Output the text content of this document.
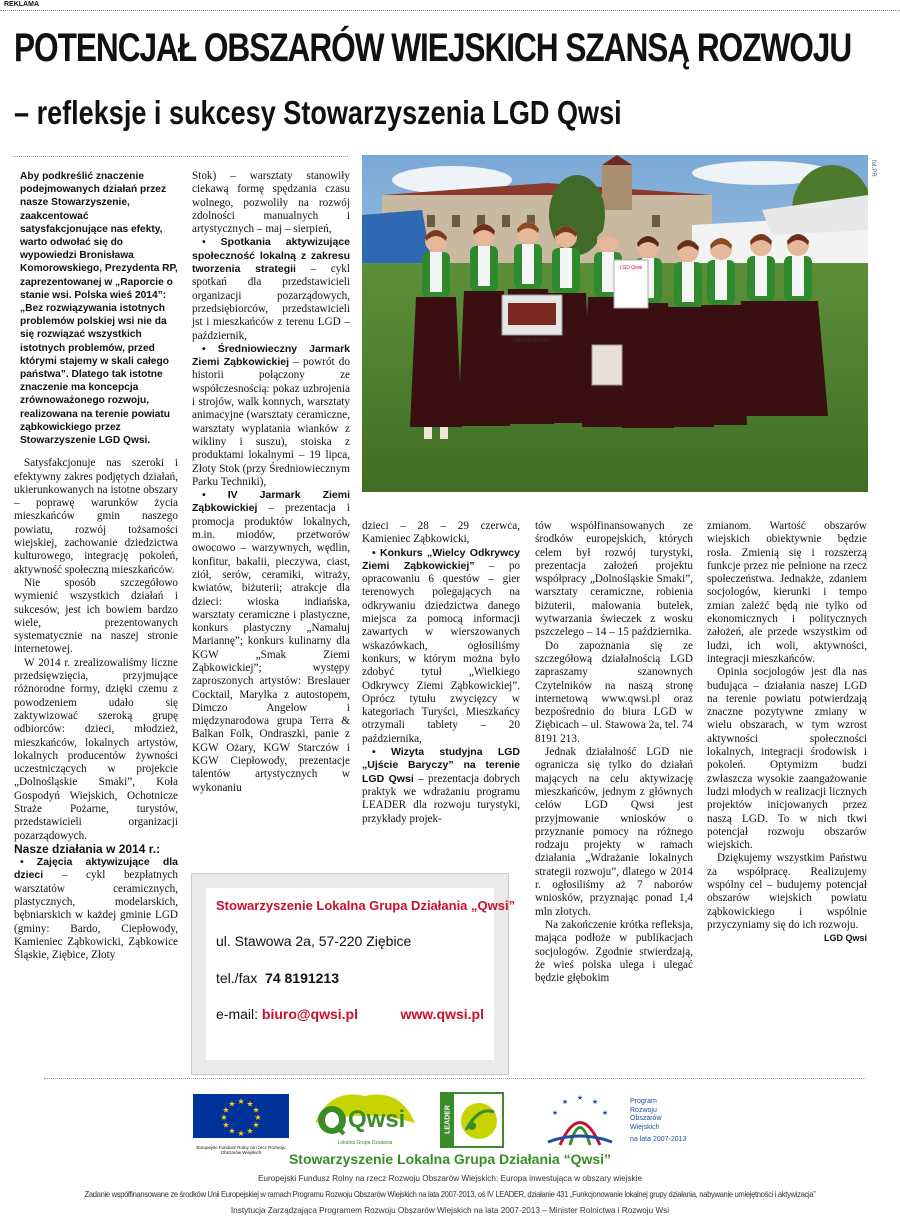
REKLAMA
POTENCJAŁ OBSZARÓW WIEJSKICH SZANSĄ ROZWOJU
– refleksje i sukcesy Stowarzyszenia LGD Qwsi

Aby podkreślić znaczenie podejmowanych działań przez nasze Stowarzyszenie, zaakcentować satysfakcjonujące nas efekty, warto odwołać się do wypowiedzi Bronisława Komorowskiego, Prezydenta RP, zaprezentowanej w „Raporcie o stanie wsi. Polska wieś 2014”: „Bez rozwiązywania istotnych problemów polskiej wsi nie da się rozwiązać wszystkich istotnych problemów, przed którymi stajemy w skali całego państwa”. Dlatego tak istotne znaczenie ma koncepcja zrównoważonego rozwoju, realizowana na terenie powiatu ząbkowickiego przez Stowarzyszenie LGD Qwsi.

Satysfakcjonuje nas szeroki i efektywny zakres podjętych działań, ukierunkowanych na istotne obszary – poprawę warunków życia mieszkańców gmin naszego powiatu, rozwój tożsamości wiejskiej, zachowanie dziedzictwa kulturowego, integrację pokoleń, aktywność społeczną mieszkańców.

Nie sposób szczegółowo wymienić wszystkich działań i sukcesów, jest ich bowiem bardzo wiele, prezentowanych systematycznie na naszej stronie internetowej.

W 2014 r. zrealizowaliśmy liczne przedsięwzięcia, przyjmujące różnorodne formy, dzięki czemu z powodzeniem udało się zaktywizować szeroką grupę odbiorców: dzieci, młodzież, mieszkańców, lokalnych artystów, lokalnych producentów żywności uczestniczących w projekcie „Dolnośląskie Smaki”, Koła Gospodyń Wiejskich, Ochotnicze Straże Pożarne, turystów, przedstawicieli organizacji pozarządowych.

Nasze działania w 2014 r.:

• Zajęcia aktywizujące dla dzieci – cykl bezpłatnych warsztatów ceramicznych, plastycznych, modelarskich, bębniarskich w każdej gminie LGD (gminy: Bardo, Ciepłowody, Kamieniec Ząbkowicki, Ząbkowice Śląskie, Ziębice, Złoty

Stok) – warsztaty stanowiły ciekawą formę spędzania czasu wolnego, pozwoliły na rozwój zdolności manualnych i artystycznych – maj – sierpień,

• Spotkania aktywizujące społeczność lokalną z zakresu tworzenia strategii – cykl spotkań dla przedstawicieli organizacji pozarządowych, przedsiębiorców, przedstawicieli jst i mieszkańców z terenu LGD – październik,

• Średniowieczny Jarmark Ziemi Ząbkowickiej – powrót do historii połączony ze współczesnością: pokaz uzbrojenia i strojów, walk konnych, warsztaty animacyjne (warsztaty ceramiczne, warsztaty wyplatania wianków z wikliny i suszu), stoiska z produktami lokalnymi – 19 lipca, Złoty Stok (przy Średniowiecznym Parku Techniki),

• IV Jarmark Ziemi Ząbkowickiej – prezentacja i promocja produktów lokalnych, m.in. miodów, przetworów owocowo – warzywnych, wędlin, konfitur, bakalii, pieczywa, ciast, ziół, serów, ceramiki, witraży, kwiatów, biżuterii; atrakcje dla dzieci: wioska indiańska, warsztaty ceramiczne i plastyczne, konkurs plastyczny „Namaluj Mariannę”; konkurs kulinarny dla KGW „Smak Ziemi Ząbkowickiej”; występy zaproszonych artystów: Breslauer Cocktail, Marylka z autostopem, Dimczo Angelow i międzynarodowa grupa Terra & Balkan Folk, Ondraszki, panie z KGW Ożary, KGW Starczów i KGW Ciepłowody, prezentacje talentów artystycznych w wykonaniu

PARTNERSTWO
LGD Qwsi
fot.PR

dzieci – 28 – 29 czerwca, Kamieniec Ząbkowicki,

• Konkurs „Wielcy Odkrywcy Ziemi Ząbkowickiej” – po opracowaniu 6 questów – gier terenowych polegających na odkrywaniu dziedzictwa danego miejsca za pomocą informacji zawartych w wierszowanych wskazówkach, ogłosiliśmy konkurs, w którym można było zdobyć tytuł „Wielkiego Odkrywcy Ziemi Ząbkowickiej”. Oprócz tytułu zwycięzcy w kategoriach Turyści, Mieszkańcy otrzymali tablety – 20 października,

• Wizyta studyjna LGD „Ujście Baryczy” na terenie LGD Qwsi – prezentacja dobrych praktyk we wdrażaniu programu LEADER dla rozwoju turystyki, przykłady projek-

tów współfinansowanych ze środków europejskich, których celem był rozwój turystyki, prezentacja założeń projektu współpracy „Dolnośląskie Smaki”, warsztaty ceramiczne, robienia biżuterii, malowania butelek, wytwarzania świeczek z wosku pszczelego – 14 – 15 października.

Do zapoznania się ze szczegółową działalnością LGD zapraszamy szanownych Czytelników na naszą stronę internetową www.qwsi.pl oraz bezpośrednio do biura LGD w Ziębicach – ul. Stawowa 2a, tel. 74 8191 213.

Jednak działalność LGD nie ogranicza się tylko do działań mających na celu aktywizację mieszkańców, jednym z głównych celów LGD Qwsi jest przyjmowanie wniosków o przyznanie pomocy na różnego rodzaju projekty w ramach działania „Wdrażanie lokalnych strategii rozwoju”, dlatego w 2014 r. ogłosiliśmy aż 7 naborów wniosków, przyznając ponad 1,4 mln złotych.

Na zakończenie krótka refleksja, mająca podłoże w publikacjach socjologów. Zgodnie stwierdzają, że wieś polska ulega i ulegać będzie głębokim

zmianom. Wartość obszarów wiejskich obiektywnie będzie rosła. Zmienią się i rozszerzą funkcje przez nie pełnione na rzecz społeczeństwa. Jednakże, zdaniem socjologów, kierunki i tempo zmian zależć będą nie tylko od ekonomicznych i politycznych założeń, ale przede wszystkim od ludzi, ich woli, aktywności, integracji mieszkańców.

Opinia socjologów jest dla nas budująca – działania naszej LGD na terenie powiatu potwierdzają znaczne pozytywne zmiany w wielu obszarach, w tym wzrost aktywności społeczności lokalnych, integracji środowisk i pokoleń. Optymizm budzi zwłaszcza wysokie zaangażowanie ludzi młodych w realizacji licznych projektów inicjowanych przez naszą LGD. To w nich tkwi potencjał rozwoju obszarów wiejskich.

Dziękujemy wszystkim Państwu za współpracę. Realizujemy wspólny cel – budujemy potencjał obszarów wiejskich powiatu ząbkowickiego i wspólnie przyczyniamy się do ich rozwoju.

LGD Qwsi

Stowarzyszenie Lokalna Grupa Działania „Qwsi”
ul. Stawowa 2a, 57-220 Ziębice
tel./fax 74 8191213
e-mail: biuro@qwsi.pl	www.qwsi.pl
★ ★
★
★
★
★
★
★
★
★
★
★
Europejski Fundusz Rolny na rzecz Rozwoju Obszarów Wiejskich
Qwsi
Lokalna Grupa Działania
LEADER
★ ★
★
★
★
Program
Rozwoju
Obszarów
Wiejskich
na lata 2007-2013
Stowarzyszenie Lokalna Grupa Działania “Qwsi”
Europejski Fundusz Rolny na rzecz Rozwoju Obszarów Wiejskich: Europa inwestująca w obszary wiejskie
Zadanie współfinansowane ze środków Unii Europejskiej w ramach Programu Rozwoju Obszarów Wiejskich na lata 2007-2013, oś IV LEADER, działanie 431 „Funkcjonowanie lokalnej grupy działania, nabywanie umiejętności i aktywizacja”
Instytucja Zarządzająca Programem Rozwoju Obszarów Wiejskich na lata 2007-2013 – Minister Rolnictwa i Rozwoju Wsi
